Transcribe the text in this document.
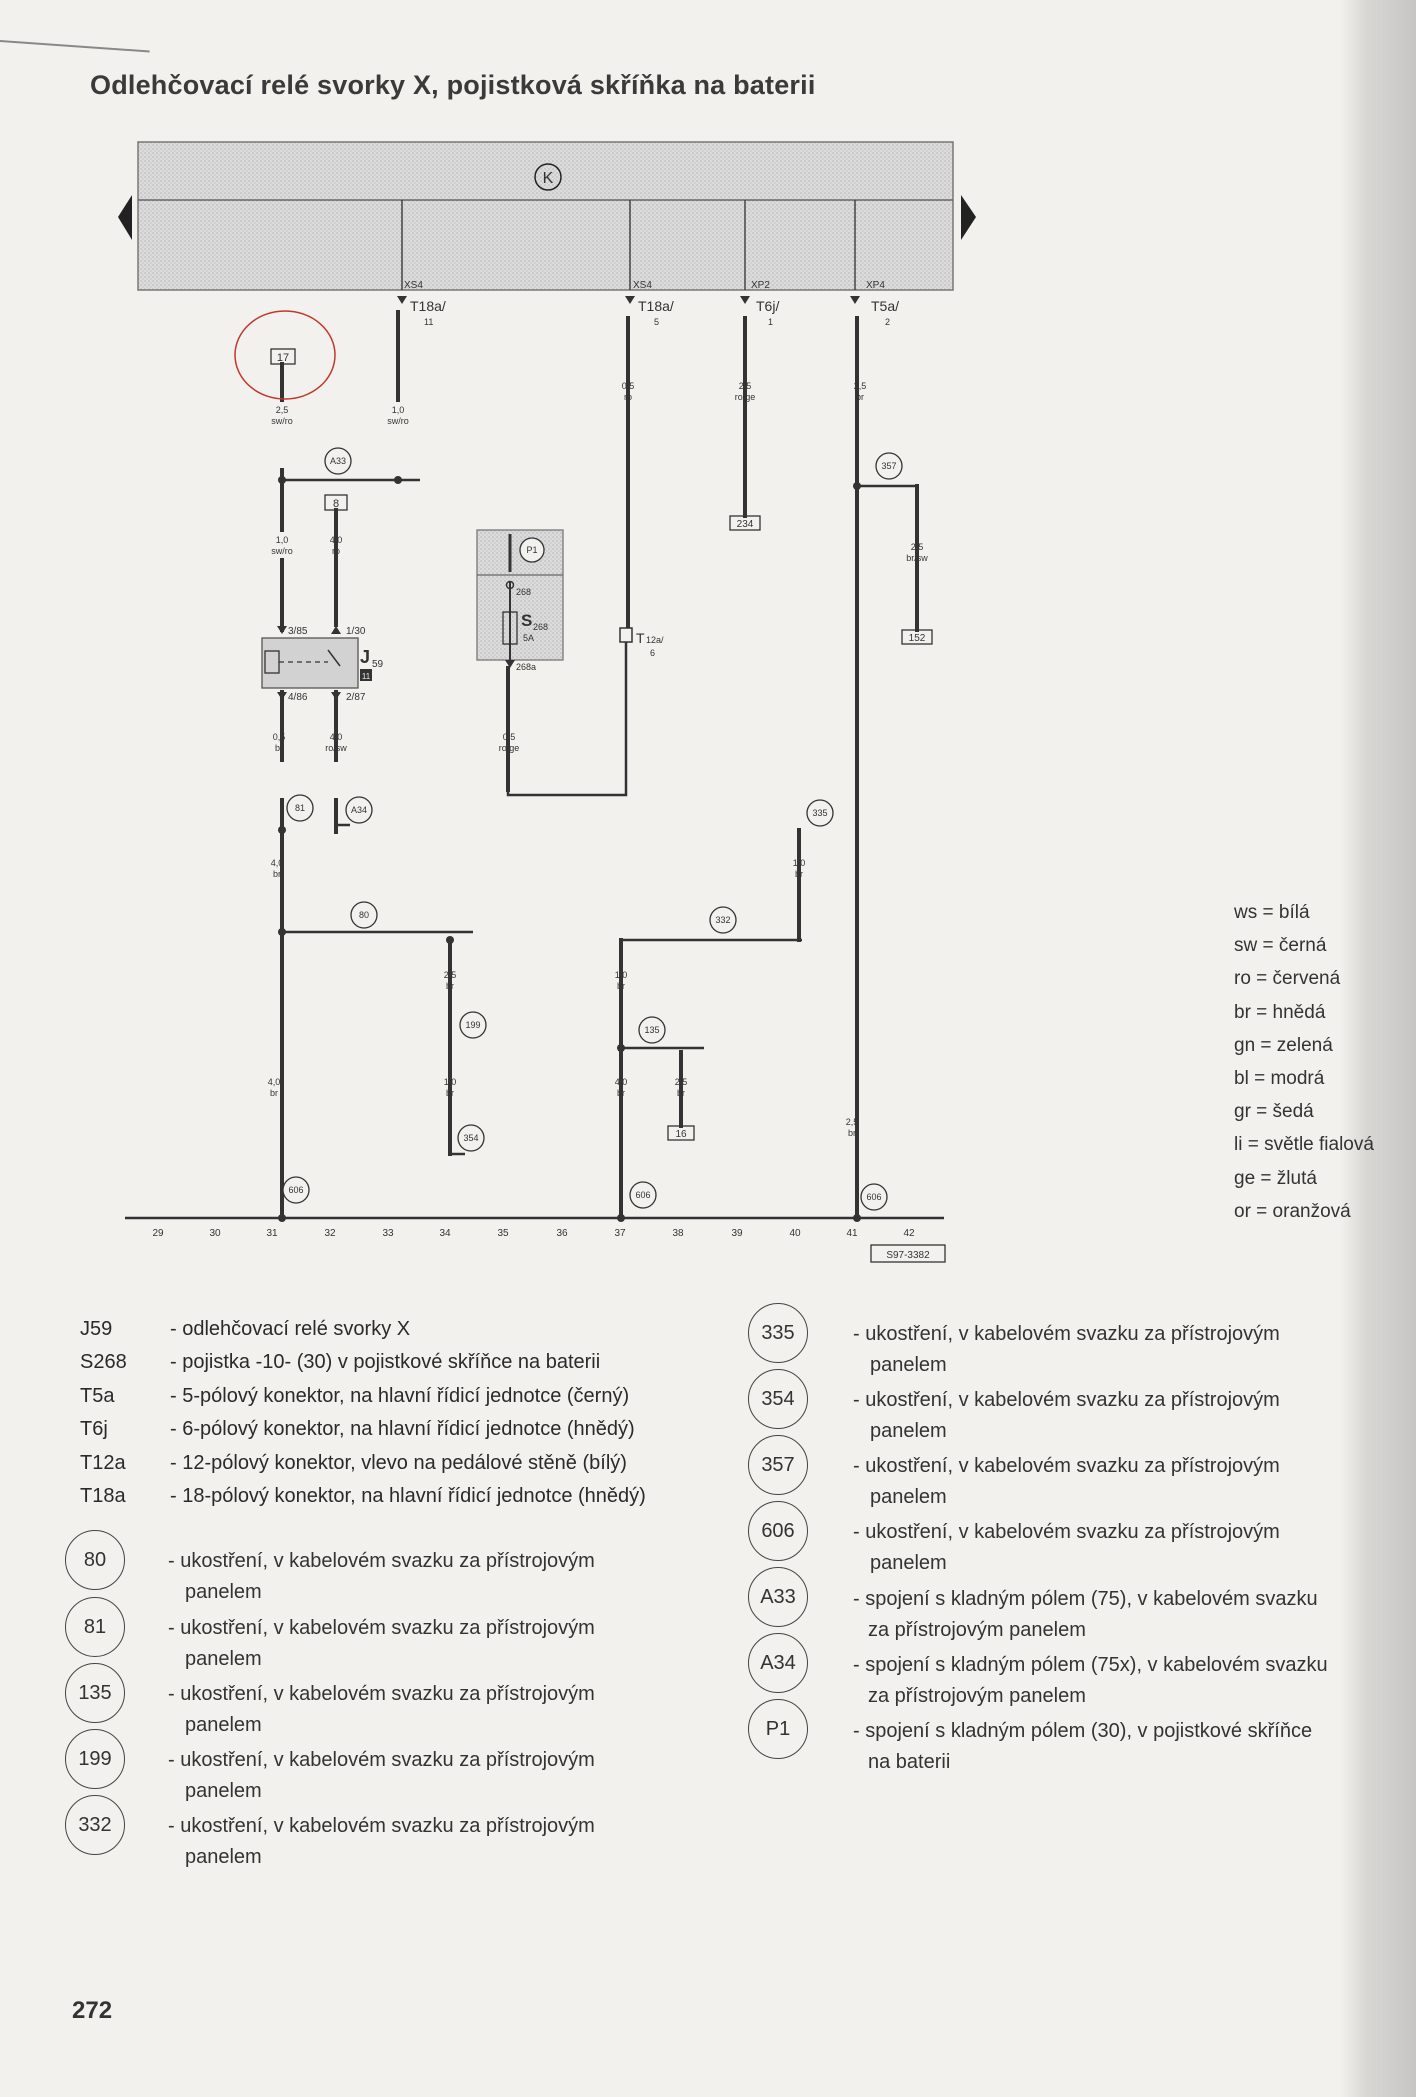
Odlehčovací relé svorky X, pojistková skříňka na baterii
K
XS4
T18a/
11
XS4
T18a/
5
XP2
T6j/
1
XP4
T5a/
2
17
8
234
152
16
2,5
sw/ro
1,0
sw/ro
0,5
ro
2,5
ro/ge
2,5
br
1,0
sw/ro
4,0
ro	2,5
br/sw
0,5
br
4,0
ro/sw
0,5
ro/ge
4,0
br
1,0
br
2,5
br
1,0
br
1,0
br
4,0
br
4,0
br
2,5
br
2,5
br
3/85	1/30
4/86	2/87
J 59
11
268
S 268
5A
268a
T 12a/
6
A33
A34
81
80
199
354
135
332
335
357
606	606	606
P1
29	30	31	32	33	34	35	36	37	38	39	40	41	42
S97-3382
ws = bílá
sw = černá
ro = červená
br = hnědá
gn = zelená
bl = modrá
gr = šedá
li = světle fialová
ge = žlutá
or = oranžová
J59	- odlehčovací relé svorky X
S268 - pojistka -10- (30) v pojistkové skříňce na baterii
T5a	- 5-pólový konektor, na hlavní řídicí jednotce (černý)
T6j	- 6-pólový konektor, na hlavní řídicí jednotce (hnědý)
T12a - 12-pólový konektor, vlevo na pedálové stěně (bílý)
T18a - 18-pólový konektor, na hlavní řídicí jednotce (hnědý)
80	- ukostření, v kabelovém svazku za přístrojovým
panelem
81	- ukostření, v kabelovém svazku za přístrojovým
panelem
135	- ukostření, v kabelovém svazku za přístrojovým
panelem
199	- ukostření, v kabelovém svazku za přístrojovým
panelem
332	- ukostření, v kabelovém svazku za přístrojovým
panelem
335	- ukostření, v kabelovém svazku za přístrojovým
panelem
354	- ukostření, v kabelovém svazku za přístrojovým
panelem
357	- ukostření, v kabelovém svazku za přístrojovým
panelem
606	- ukostření, v kabelovém svazku za přístrojovým
panelem
A33	- spojení s kladným pólem (75), v kabelovém svazku
za přístrojovým panelem
A34	- spojení s kladným pólem (75x), v kabelovém svazku
za přístrojovým panelem
P1	- spojení s kladným pólem (30), v pojistkové skříňce
na baterii
272
